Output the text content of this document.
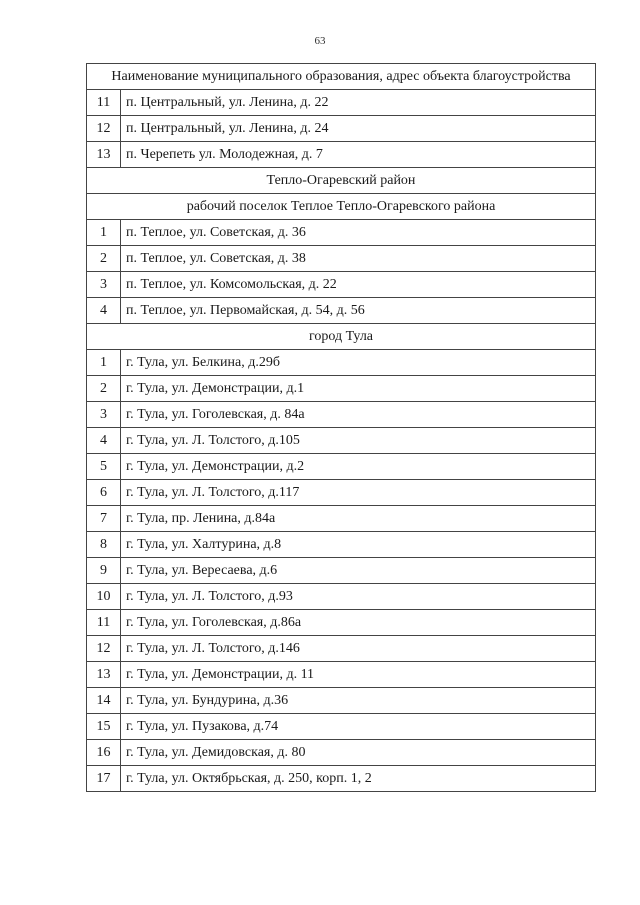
63
Наименование муниципального образования, адрес объекта благоустройства	
11	п. Центральный, ул. Ленина, д. 22
12	п. Центральный, ул. Ленина, д. 24
13	п. Черепеть ул. Молодежная, д. 7
Тепло-Огаревский район	
рабочий поселок Теплое Тепло-Огаревского района	
1	п. Теплое, ул. Советская, д. 36
2	п. Теплое, ул. Советская, д. 38
3	п. Теплое, ул. Комсомольская, д. 22
4	п. Теплое, ул. Первомайская, д. 54, д. 56
город Тула	
1	г. Тула, ул. Белкина, д.29б
2	г. Тула, ул. Демонстрации, д.1
3	г. Тула, ул. Гоголевская, д. 84а
4	г. Тула, ул. Л. Толстого, д.105
5	г. Тула, ул. Демонстрации, д.2
6	г. Тула, ул. Л. Толстого, д.117
7	г. Тула, пр. Ленина, д.84а
8	г. Тула, ул. Халтурина, д.8
9	г. Тула, ул. Вересаева, д.6
10	г. Тула, ул. Л. Толстого, д.93
11	г. Тула, ул. Гоголевская, д.86а
12	г. Тула, ул. Л. Толстого, д.146
13	г. Тула, ул. Демонстрации, д. 11
14	г. Тула, ул. Бундурина, д.36
15	г. Тула, ул. Пузакова, д.74
16	г. Тула, ул. Демидовская, д. 80
17	г. Тула, ул. Октябрьская, д. 250, корп. 1, 2
